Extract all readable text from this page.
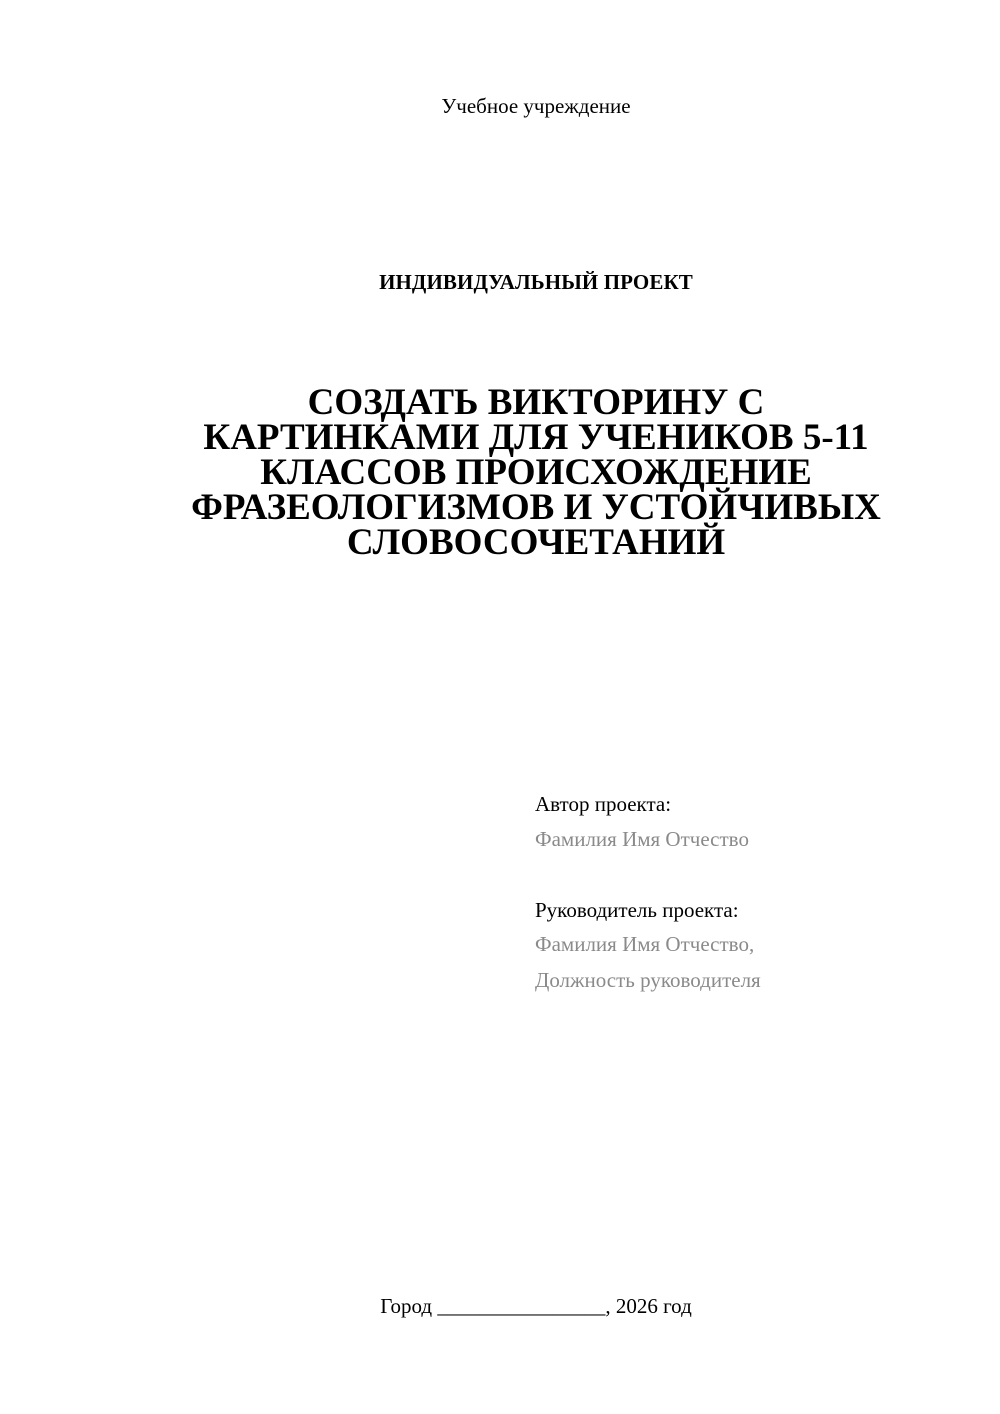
Учебное учреждение
ИНДИВИДУАЛЬНЫЙ ПРОЕКТ
СОЗДАТЬ ВИКТОРИНУ С
КАРТИНКАМИ ДЛЯ УЧЕНИКОВ 5-11
КЛАССОВ ПРОИСХОЖДЕНИЕ
ФРАЗЕОЛОГИЗМОВ И УСТОЙЧИВЫХ
СЛОВОСОЧЕТАНИЙ
Автор проекта:
Фамилия Имя Отчество
Руководитель проекта:
Фамилия Имя Отчество,
Должность руководителя
Город ________________, 2026 год
